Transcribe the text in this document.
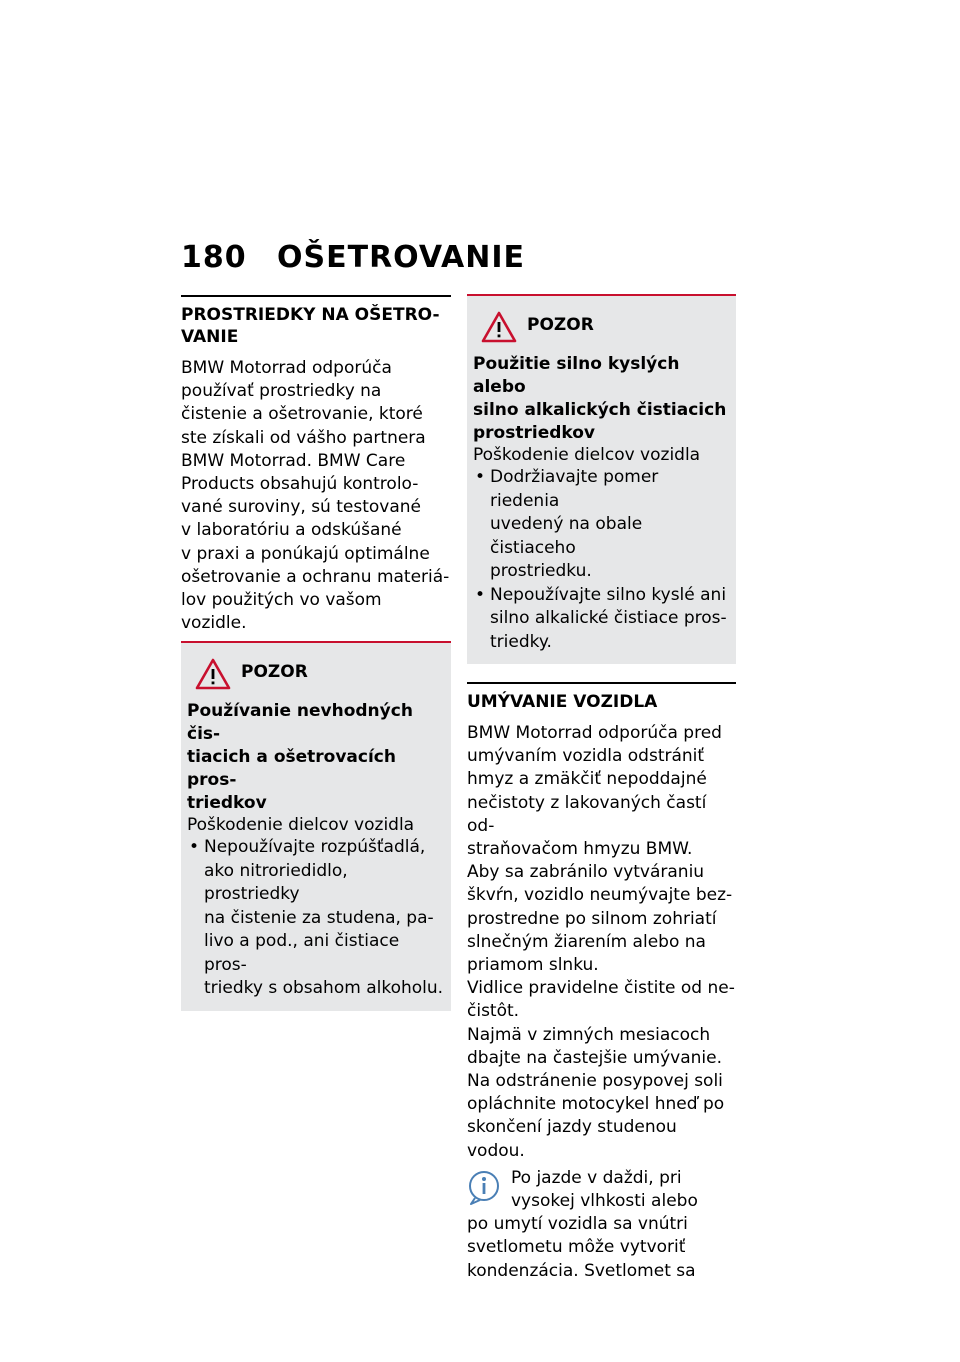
180 OŠETROVANIE
PROSTRIEDKY NA OŠETRO-
VANIE
BMW Motorrad odporúča
používať prostriedky na
čistenie a ošetrovanie, ktoré
ste získali od vášho partnera
BMW Motorrad. BMW Care
Products obsahujú kontrolo-
vané suroviny, sú testované
v laboratóriu a odskúšané
v praxi a ponúkajú optimálne
ošetrovanie a ochranu materiá-
lov použitých vo vašom vozidle.
POZOR
Používanie nevhodných čis-
tiacich a ošetrovacích pros-
triedkov
Poškodenie dielcov vozidla
• Nepoužívajte rozpúšťadlá,
ako nitroriedidlo, prostriedky
na čistenie za studena, pa-
livo a pod., ani čistiace pros-
triedky s obsahom alkoholu.
POZOR
Použitie silno kyslých alebo
silno alkalických čistiacich
prostriedkov
Poškodenie dielcov vozidla
• Dodržiavajte pomer riedenia
uvedený na obale čistiaceho
prostriedku.
• Nepoužívajte silno kyslé ani
silno alkalické čistiace pros-
triedky.
UMÝVANIE VOZIDLA
BMW Motorrad odporúča pred
umývaním vozidla odstrániť
hmyz a zmäkčiť nepoddajné
nečistoty z lakovaných častí od-
straňovačom hmyzu BMW.
Aby sa zabránilo vytváraniu
škvŕn, vozidlo neumývajte bez-
prostredne po silnom zohriatí
slnečným žiarením alebo na
priamom slnku.
Vidlice pravidelne čistite od ne-
čistôt.
Najmä v zimných mesiacoch
dbajte na častejšie umývanie.
Na odstránenie posypovej soli
opláchnite motocykel hneď po
skončení jazdy studenou vodou.
Po jazde v daždi, pri
vysokej vlhkosti alebo
po umytí vozidla sa vnútri
svetlometu môže vytvoriť
kondenzácia. Svetlomet sa
